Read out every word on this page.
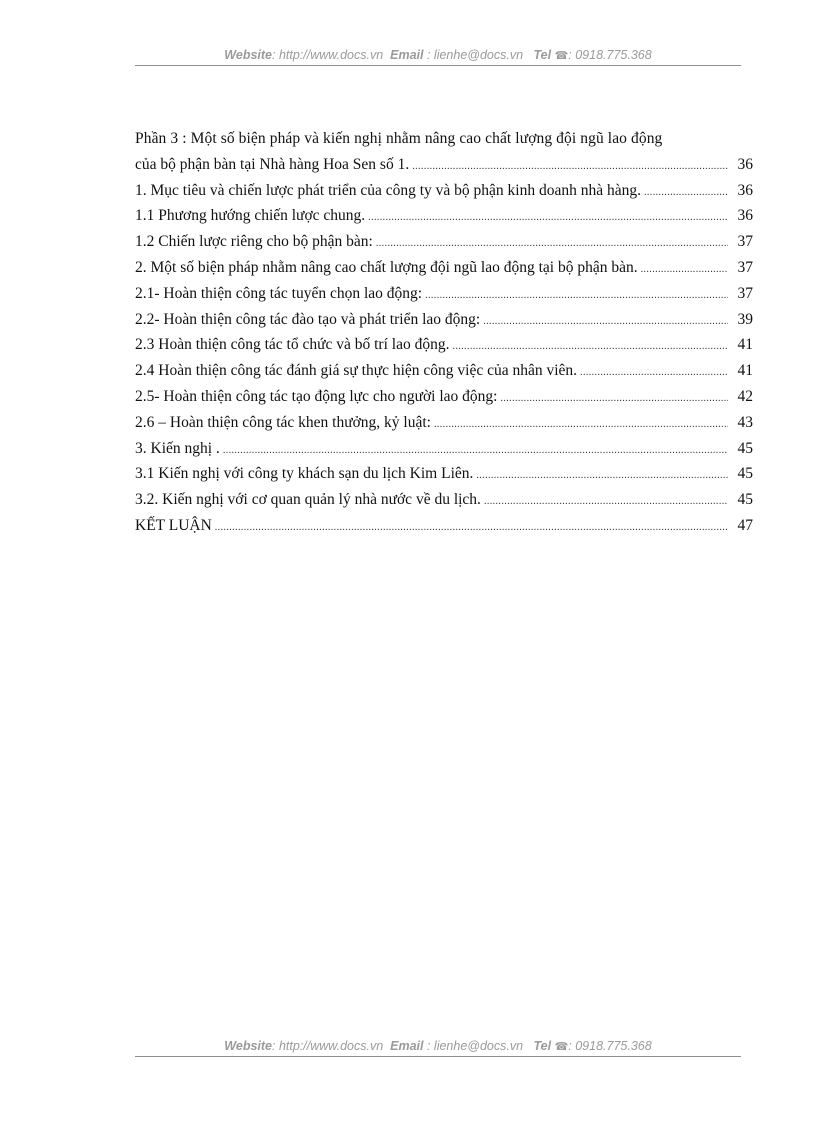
Website: http://www.docs.vn Email : lienhe@docs.vn Tel ☎: 0918.775.368
Phần 3 : Một số biện pháp và kiến nghị nhằm nâng cao chất lượng đội ngũ lao động
của bộ phận bàn tại Nhà hàng Hoa Sen số 1. .....	36
1. Mục tiêu và chiến lược phát triển của công ty và bộ phận kinh doanh nhà hàng. .....	36
1.1 Phương hướng chiến lược chung. .....	36
1.2 Chiến lược riêng cho bộ phận bàn: .....	37
2. Một số biện pháp nhằm nâng cao chất lượng đội ngũ lao động tại bộ phận bàn. .....	37
2.1- Hoàn thiện công tác tuyển chọn lao động: .....	37
2.2- Hoàn thiện công tác đào tạo và phát triển lao động: .....	39
2.3 Hoàn thiện công tác tổ chức và bố trí lao động. .....	41
2.4 Hoàn thiện công tác đánh giá sự thực hiện công việc của nhân viên. .....	41
2.5- Hoàn thiện công tác tạo động lực cho người lao động: .....	42
2.6 – Hoàn thiện công tác khen thưởng, kỷ luật: .....	43
3. Kiến nghị . .....	45
3.1 Kiến nghị với công ty khách sạn du lịch Kim Liên. .....	45
3.2. Kiến nghị với cơ quan quản lý nhà nước về du lịch. .....	45
KẾT LUẬN .....	47
Website: http://www.docs.vn Email : lienhe@docs.vn Tel ☎: 0918.775.368
